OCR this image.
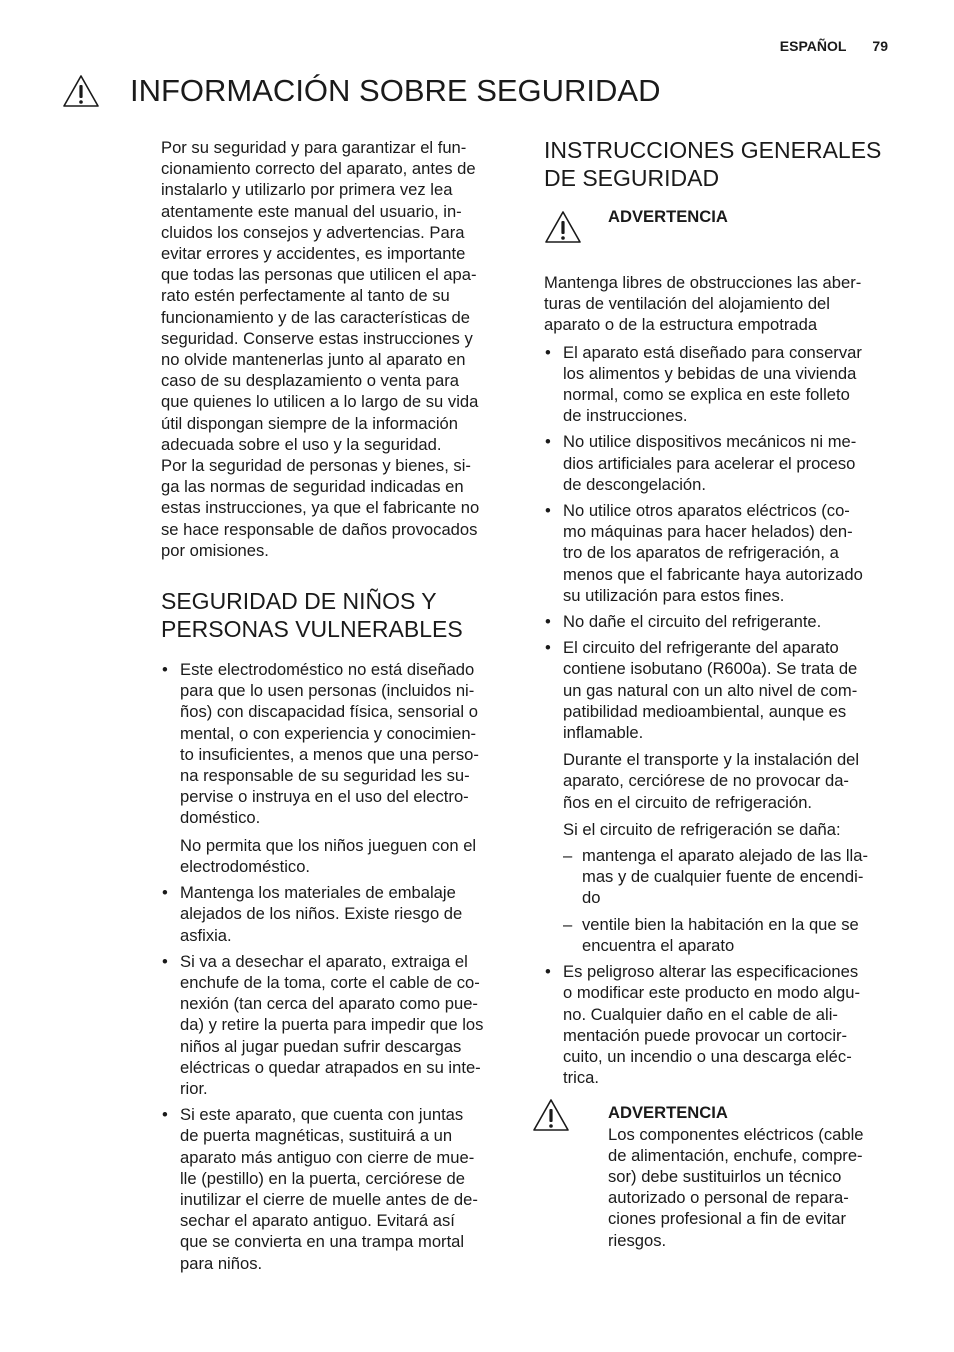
ESPAÑOL 79
INFORMACIÓN SOBRE SEGURIDAD
Por su seguridad y para garantizar el fun-
cionamiento correcto del aparato, antes de
instalarlo y utilizarlo por primera vez lea
atentamente este manual del usuario, in-
cluidos los consejos y advertencias. Para
evitar errores y accidentes, es importante
que todas las personas que utilicen el apa-
rato estén perfectamente al tanto de su
funcionamiento y de las características de
seguridad. Conserve estas instrucciones y
no olvide mantenerlas junto al aparato en
caso de su desplazamiento o venta para
que quienes lo utilicen a lo largo de su vida
útil dispongan siempre de la información
adecuada sobre el uso y la seguridad.
Por la seguridad de personas y bienes, si-
ga las normas de seguridad indicadas en
estas instrucciones, ya que el fabricante no
se hace responsable de daños provocados
por omisiones.
SEGURIDAD DE NIÑOS Y
PERSONAS VULNERABLES
• Este electrodoméstico no está diseñado
para que lo usen personas (incluidos ni-
ños) con discapacidad física, sensorial o
mental, o con experiencia y conocimien-
to insuficientes, a menos que una perso-
na responsable de su seguridad les su-
pervise o instruya en el uso del electro-
doméstico.
No permita que los niños jueguen con el
electrodoméstico.
• Mantenga los materiales de embalaje
alejados de los niños. Existe riesgo de
asfixia.
• Si va a desechar el aparato, extraiga el
enchufe de la toma, corte el cable de co-
nexión (tan cerca del aparato como pue-
da) y retire la puerta para impedir que los
niños al jugar puedan sufrir descargas
eléctricas o quedar atrapados en su inte-
rior.
• Si este aparato, que cuenta con juntas
de puerta magnéticas, sustituirá a un
aparato más antiguo con cierre de mue-
lle (pestillo) en la puerta, cerciórese de
inutilizar el cierre de muelle antes de de-
sechar el aparato antiguo. Evitará así
que se convierta en una trampa mortal
para niños.
INSTRUCCIONES GENERALES
DE SEGURIDAD
ADVERTENCIA
Mantenga libres de obstrucciones las aber-
turas de ventilación del alojamiento del
aparato o de la estructura empotrada
• El aparato está diseñado para conservar
los alimentos y bebidas de una vivienda
normal, como se explica en este folleto
de instrucciones.
• No utilice dispositivos mecánicos ni me-
dios artificiales para acelerar el proceso
de descongelación.
• No utilice otros aparatos eléctricos (co-
mo máquinas para hacer helados) den-
tro de los aparatos de refrigeración, a
menos que el fabricante haya autorizado
su utilización para estos fines.
• No dañe el circuito del refrigerante.
• El circuito del refrigerante del aparato
contiene isobutano (R600a). Se trata de
un gas natural con un alto nivel de com-
patibilidad medioambiental, aunque es
inflamable.
Durante el transporte y la instalación del
aparato, cerciórese de no provocar da-
ños en el circuito de refrigeración.
Si el circuito de refrigeración se daña:
– mantenga el aparato alejado de las lla-
mas y de cualquier fuente de encendi-
do
– ventile bien la habitación en la que se
encuentra el aparato
• Es peligroso alterar las especificaciones
o modificar este producto en modo algu-
no. Cualquier daño en el cable de ali-
mentación puede provocar un cortocir-
cuito, un incendio o una descarga eléc-
trica.
ADVERTENCIA
Los componentes eléctricos (cable
de alimentación, enchufe, compre-
sor) debe sustituirlos un técnico
autorizado o personal de repara-
ciones profesional a fin de evitar
riesgos.
